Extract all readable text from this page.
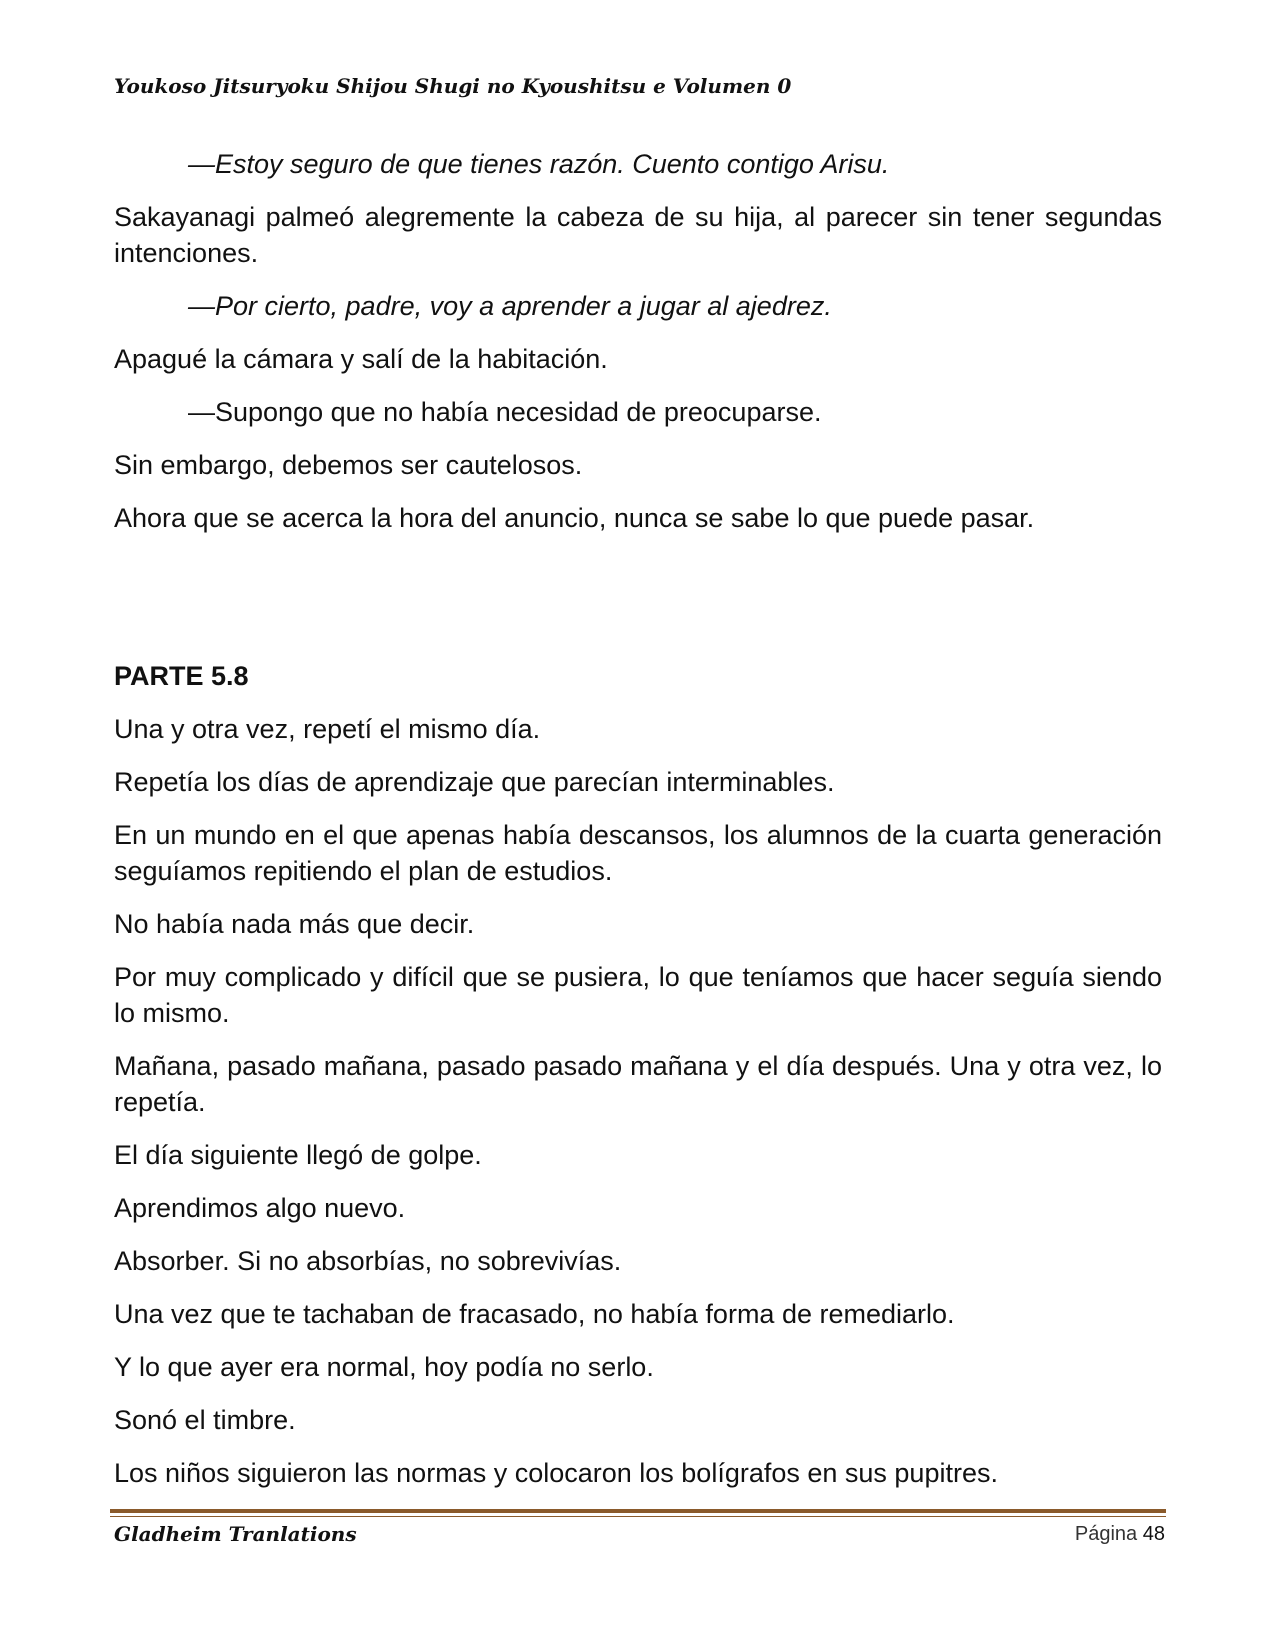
Youkoso Jitsuryoku Shijou Shugi no Kyoushitsu e Volumen 0

—Estoy seguro de que tienes razón. Cuento contigo Arisu.

Sakayanagi palmeó alegremente la cabeza de su hija, al parecer sin tener segundas intenciones.

—Por cierto, padre, voy a aprender a jugar al ajedrez.

Apagué la cámara y salí de la habitación.

—Supongo que no había necesidad de preocuparse.

Sin embargo, debemos ser cautelosos.

Ahora que se acerca la hora del anuncio, nunca se sabe lo que puede pasar.

PARTE 5.8

Una y otra vez, repetí el mismo día.

Repetía los días de aprendizaje que parecían interminables.

En un mundo en el que apenas había descansos, los alumnos de la cuarta generación seguíamos repitiendo el plan de estudios.

No había nada más que decir.

Por muy complicado y difícil que se pusiera, lo que teníamos que hacer seguía siendo lo mismo.

Mañana, pasado mañana, pasado pasado mañana y el día después. Una y otra vez, lo repetía.

El día siguiente llegó de golpe.

Aprendimos algo nuevo.

Absorber. Si no absorbías, no sobrevivías.

Una vez que te tachaban de fracasado, no había forma de remediarlo.

Y lo que ayer era normal, hoy podía no serlo.

Sonó el timbre.

Los niños siguieron las normas y colocaron los bolígrafos en sus pupitres.

Gladheim Tranlations	Página 48
